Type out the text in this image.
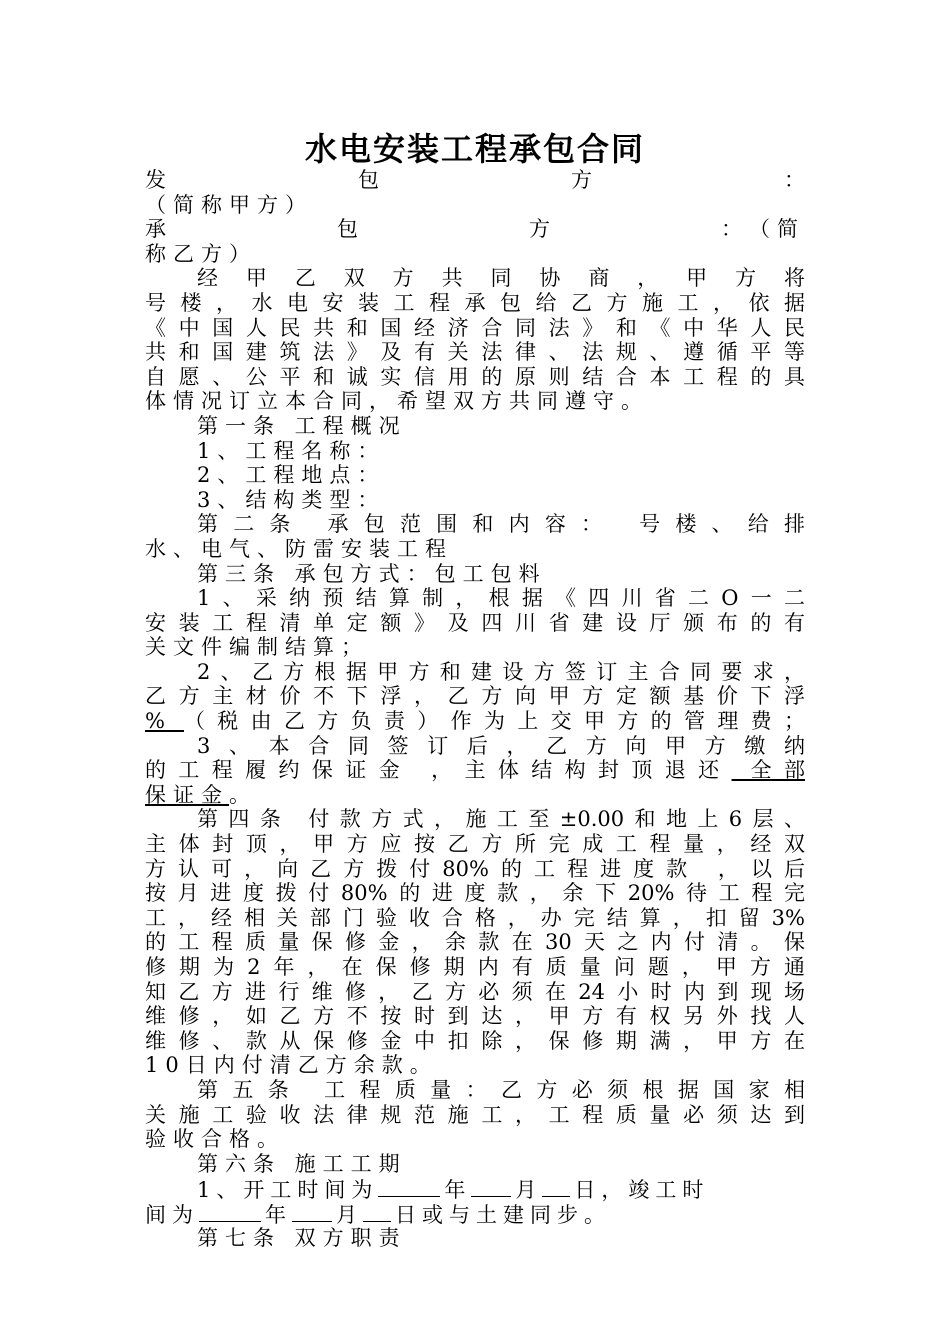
水电安装工程承包合同
发包方：
（简称甲方）
承包方： （简
称乙方）
经甲乙双方共同协商，甲方将
号楼，水电安装工程承包给乙方施工，依据
《中国人民共和国经济合同法》和《中华人民
共和国建筑法》及有关法律、法规、遵循平等
自愿、公平和诚实信用的原则结合本工程的具
体情况订立本合同，希望双方共同遵守。
第一条 工程概况
1、工程名称：
2、工程地点：
3、结构类型：
第二条 承包范围和内容： 号楼、给排
水、电气、防雷安装工程
第三条 承包方式：包工包料
1、采纳预结算制，根据《四川省二O一二
安装工程清单定额》及四川省建设厅颁布的有
关文件编制结算；
2、乙方根据甲方和建设方签订主合同要求，
乙方主材价不下浮，乙方向甲方定额基价下浮
% （税由乙方负责）作为上交甲方的管理费；
3、本合同签订后，乙方向甲方缴纳
的工程履约保证金 ，主体结构封顶退还 全部
保证金。
第四条 付款方式，施工至±0.00和地上6层、
主体封顶，甲方应按乙方所完成工程量，经双
方认可，向乙方拨付80%的工程进度款 ，以后
按月进度拨付80%的进度款，余下20%待工程完
工，经相关部门验收合格，办完结算，扣留3%
的工程质量保修金，余款在30天之内付清。保
修期为2年，在保修期内有质量问题，甲方通
知乙方进行维修，乙方必须在24小时内到现场
维修，如乙方不按时到达，甲方有权另外找人
维修、款从保修金中扣除，保修期满，甲方在
10日内付清乙方余款。
第五条 工程质量：乙方必须根据国家相
关施工验收法律规范施工，工程质量必须达到
验收合格。
第六条 施工工期
1、开工时间为	年 月 日，竣工时
间为	年 月 日或与土建同步。
第七条 双方职责
